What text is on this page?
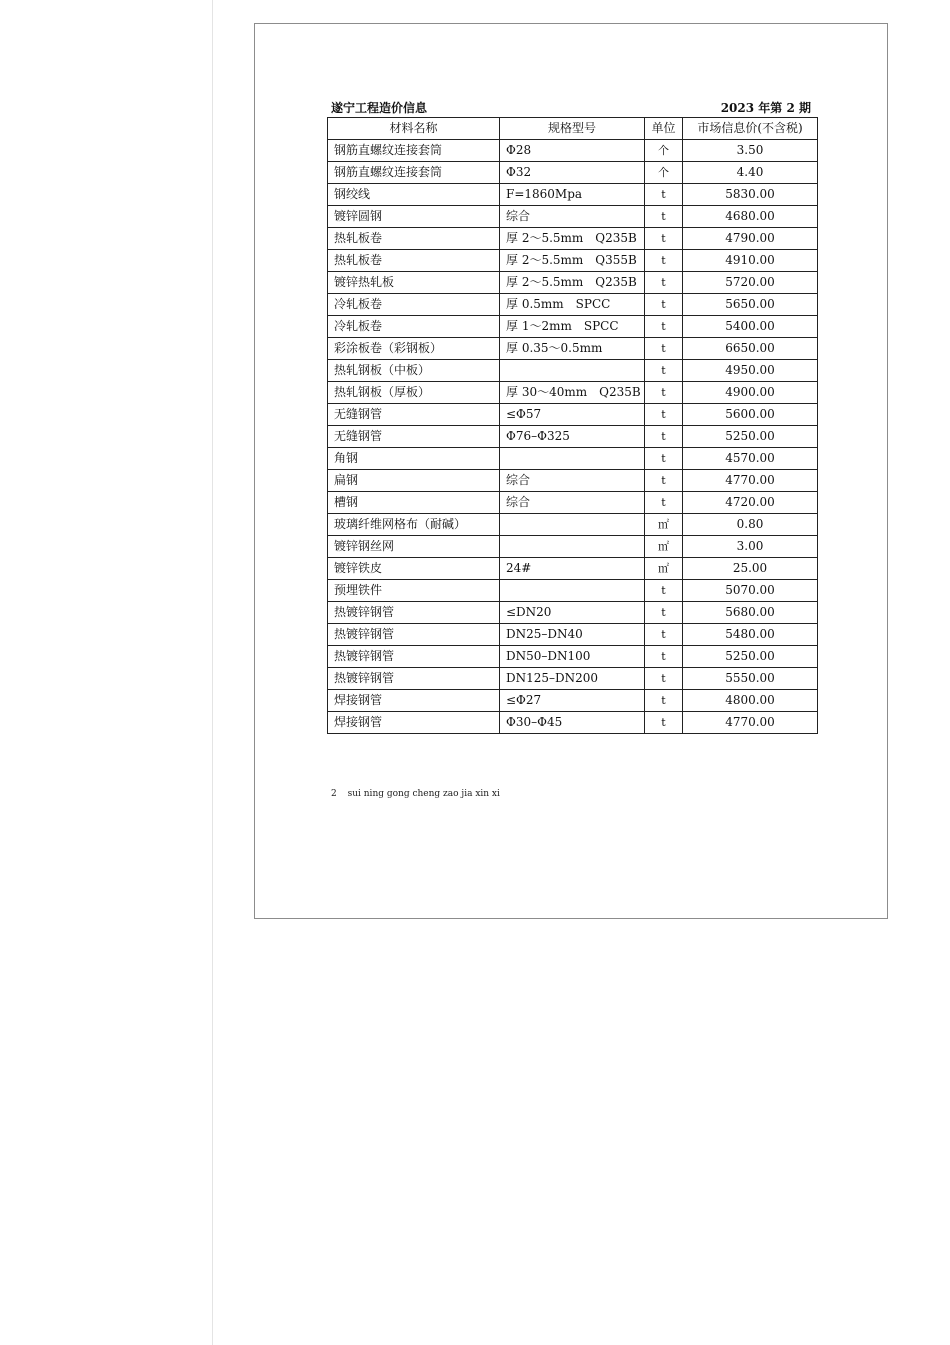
遂宁工程造价信息	2023 年第 2 期
材料名称	规格型号	单位	市场信息价(不含税)
钢筋直螺纹连接套筒	Φ28	个	3.50
钢筋直螺纹连接套筒	Φ32	个	4.40
钢绞线	F=1860Mpa	t	5830.00
镀锌圆钢	综合	t	4680.00
热轧板卷	厚 2～5.5mm　Q235B	t	4790.00
热轧板卷	厚 2～5.5mm　Q355B	t	4910.00
镀锌热轧板	厚 2～5.5mm　Q235B	t	5720.00
冷轧板卷	厚 0.5mm　SPCC	t	5650.00
冷轧板卷	厚 1～2mm　SPCC	t	5400.00
彩涂板卷（彩钢板）	厚 0.35～0.5mm	t	6650.00
热轧钢板（中板）		t	4950.00
热轧钢板（厚板）	厚 30～40mm　Q235B	t	4900.00
无缝钢管	≤Φ57	t	5600.00
无缝钢管	Φ76–Φ325	t	5250.00
角钢		t	4570.00
扁钢	综合	t	4770.00
槽钢	综合	t	4720.00
玻璃纤维网格布（耐碱）		㎡	0.80
镀锌钢丝网		㎡	3.00
镀锌铁皮	24#	㎡	25.00
预埋铁件		t	5070.00
热镀锌钢管	≤DN20	t	5680.00
热镀锌钢管	DN25–DN40	t	5480.00
热镀锌钢管	DN50–DN100	t	5250.00
热镀锌钢管	DN125–DN200	t	5550.00
焊接钢管	≤Φ27	t	4800.00
焊接钢管	Φ30–Φ45	t	4770.00
2 sui ning gong cheng zao jia xin xi
